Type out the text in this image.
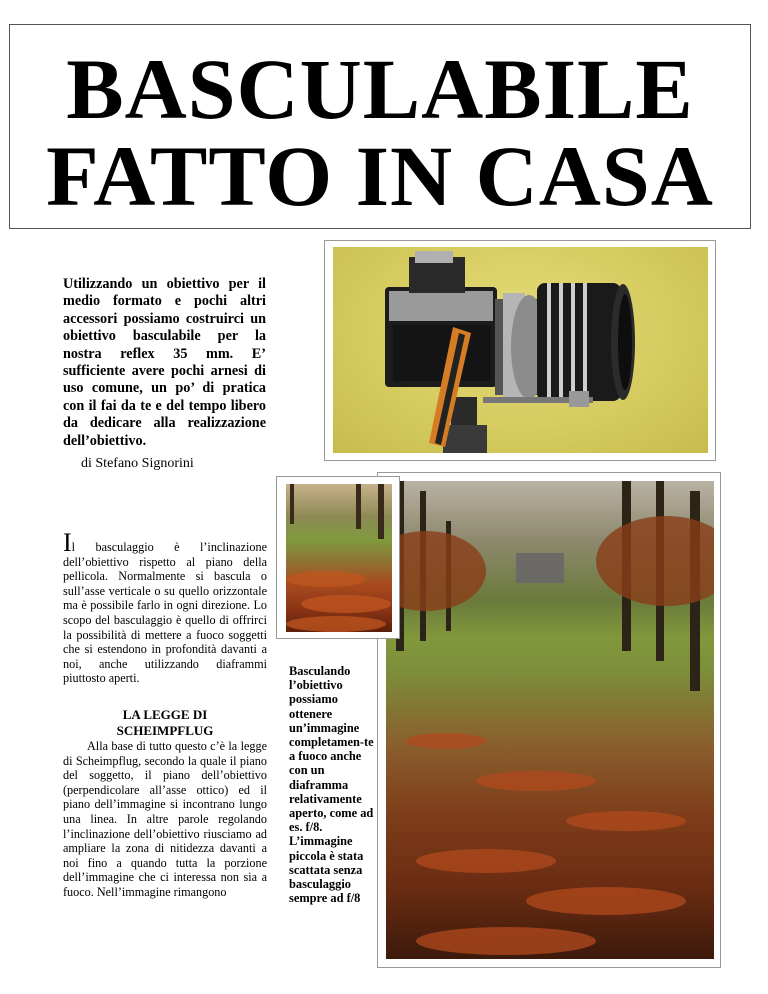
BASCULABILE
FATTO IN CASA

Utilizzando un obiettivo per il medio formato e pochi altri accessori possiamo costruirci un obiettivo basculabile per la nostra reflex 35 mm. E’ sufficiente avere pochi arnesi di uso comune, un po’ di pratica con il fai da te e del tempo libero da dedicare alla realizzazione dell’obiettivo.

di Stefano Signorini

Basculando l’obiettivo possiamo ottenere un’immagine completamen-te a fuoco anche con un diaframma relativamente aperto, come ad es. f/8. L’immagine piccola è stata scattata senza basculaggio sempre ad f/8

Il basculaggio è l’inclinazione dell’obiettivo rispetto al piano della pellicola. Normalmente si bascula o sull’asse verticale o su quello orizzontale ma è possibile farlo in ogni direzione. Lo scopo del basculaggio è quello di offrirci la possibilità di mettere a fuoco soggetti che si estendono in profondità davanti a noi, anche utilizzando diaframmi piuttosto aperti.

LA LEGGE DI
SCHEIMPFLUG

Alla base di tutto questo c’è la legge di Scheimpflug, secondo la quale il piano del soggetto, il piano dell’obiettivo (perpendicolare all’asse ottico) ed il piano dell’immagine si incontrano lungo una linea. In altre parole regolando l’inclinazione dell’obiettivo riusciamo ad ampliare la zona di nitidezza davanti a noi fino a quando tutta la porzione dell’immagine che ci interessa non sia a fuoco. Nell’immagine rimangono
